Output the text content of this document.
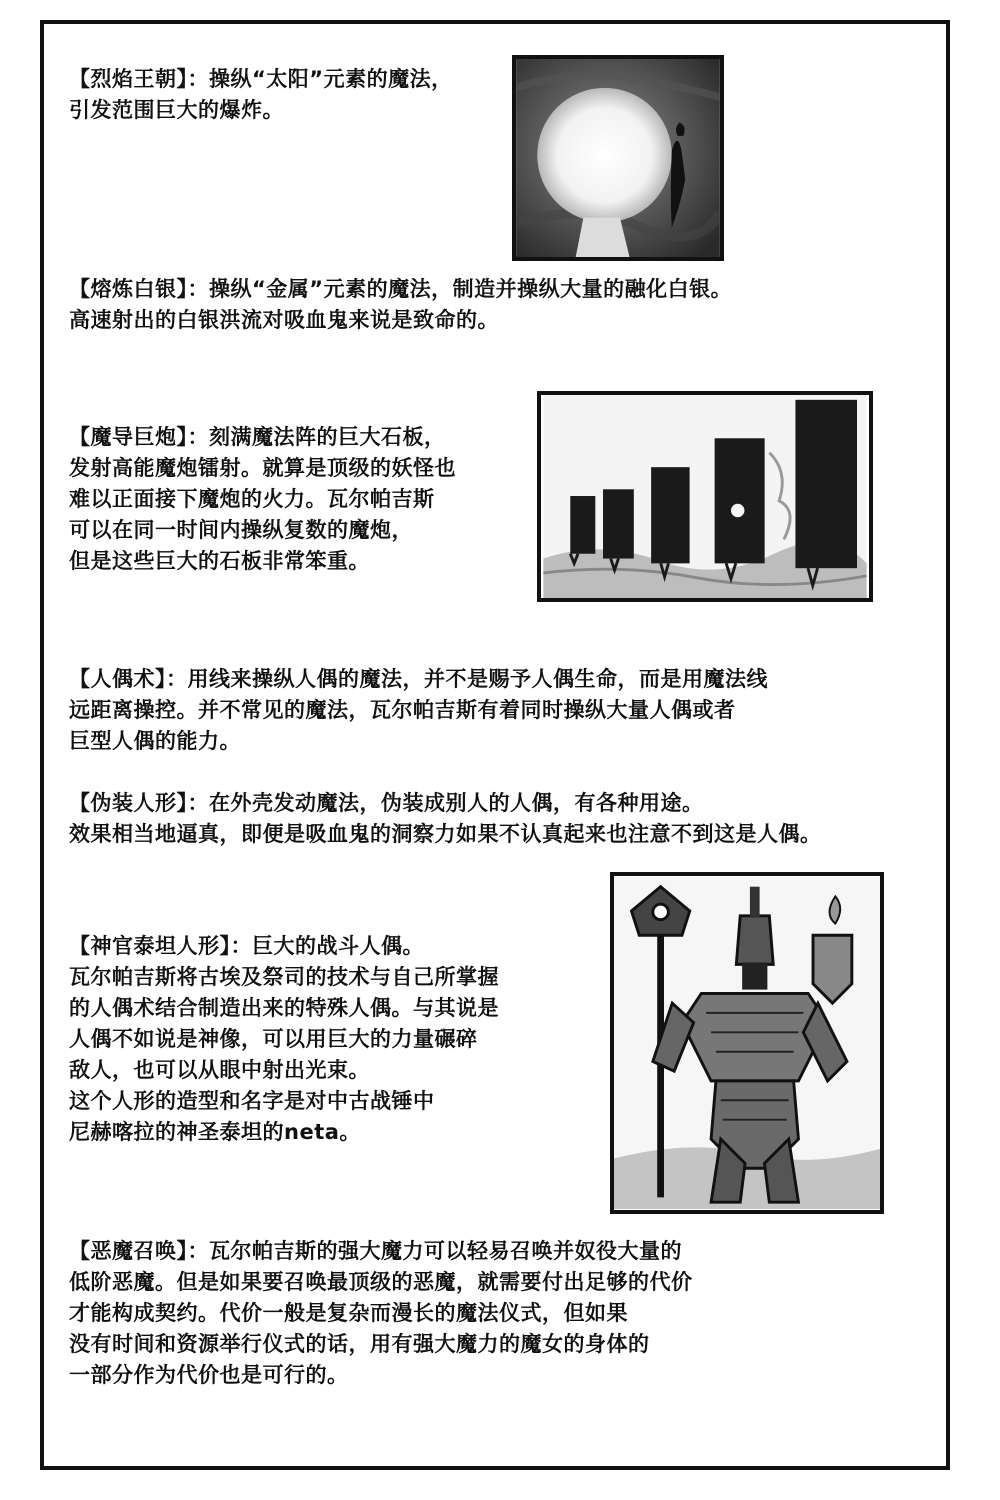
【烈焰王朝】：操纵“太阳”元素的魔法，
引发范围巨大的爆炸。
【熔炼白银】：操纵“金属”元素的魔法，制造并操纵大量的融化白银。
高速射出的白银洪流对吸血鬼来说是致命的。
【魔导巨炮】：刻满魔法阵的巨大石板，
发射高能魔炮镭射。就算是顶级的妖怪也
难以正面接下魔炮的火力。瓦尔帕吉斯
可以在同一时间内操纵复数的魔炮，
但是这些巨大的石板非常笨重。
【人偶术】：用线来操纵人偶的魔法，并不是赐予人偶生命，而是用魔法线
远距离操控。并不常见的魔法，瓦尔帕吉斯有着同时操纵大量人偶或者
巨型人偶的能力。
【伪装人形】：在外壳发动魔法，伪装成别人的人偶，有各种用途。
效果相当地逼真，即便是吸血鬼的洞察力如果不认真起来也注意不到这是人偶。
【神官泰坦人形】：巨大的战斗人偶。
瓦尔帕吉斯将古埃及祭司的技术与自己所掌握
的人偶术结合制造出来的特殊人偶。与其说是
人偶不如说是神像，可以用巨大的力量碾碎
敌人，也可以从眼中射出光束。
这个人形的造型和名字是对中古战锤中
尼赫喀拉的神圣泰坦的neta。
【恶魔召唤】：瓦尔帕吉斯的强大魔力可以轻易召唤并奴役大量的
低阶恶魔。但是如果要召唤最顶级的恶魔，就需要付出足够的代价
才能构成契约。代价一般是复杂而漫长的魔法仪式，但如果
没有时间和资源举行仪式的话，用有强大魔力的魔女的身体的
一部分作为代价也是可行的。
